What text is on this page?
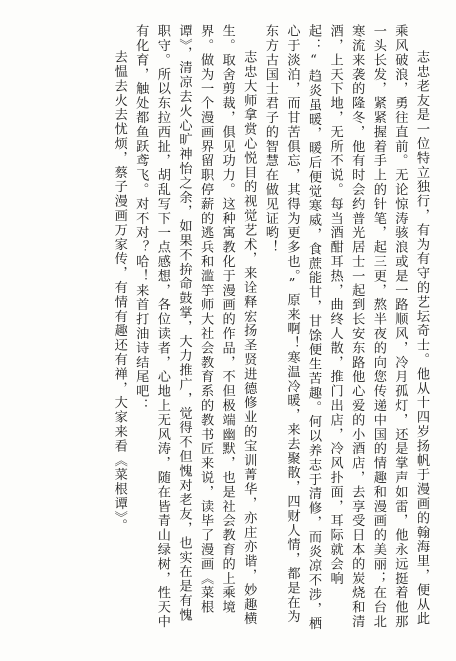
志忠老友是一位特立独行，有为有守的艺坛奇士。他从十四岁扬帆于漫画的翰海里，便从此乘风破浪，勇往直前。无论惊涛骇浪或是一路顺风，冷月孤灯，还是掌声如雷，他永远挺着他那一头长发，紧紧握着手上的针笔，起三更，熬半夜的向您传递中国的情趣和漫画的美丽；在台北寒流来袭的隆冬，他有时会约普光居士一起到长安东路他心爱的小酒店，去享受日本的炭烧和清酒，上天下地，无所不说。每当酒酣耳热，曲终人散，推门出店，冷风扑面，耳际就会响起：“趋炎虽暖，暖后便觉寒威，食蔗能甘，甘馀便生苦趣。何以养志于清修，而炎凉不涉，栖心于淡泊，而甘苦俱忘，其得为更多也。”原来啊！寒温冷暖，来去聚散，四财人情，都是在为东方古国士君子的智慧在做见证哟！

志忠大师拿赏心悦目的视觉艺术，来诠释宏扬圣贤进德修业的宝训菁华，亦庄亦谐，妙趣横生。取舍剪裁，俱见功力。这种寓教化于漫画的作品，不但极端幽默，也是社会教育的上乘境界。做为一个漫画界留职停薪的逃兵和滥竽师大社会教育系的教书匠来说，读毕了漫画《菜根谭》，清凉去火心旷神怡之余，如果不拚命鼓掌，大力推广，觉得不但愧对老友，也实在是有愧职守。所以东拉西扯，胡乱写下一点感想，各位读者，心地上无风涛，随在皆青山绿树，性天中有化育，触处都鱼跃鸢飞。对不对？哈！来首打油诗结尾吧：

去愠去火去忧烦，蔡子漫画万家传，有情有趣还有禅，大家来看《菜根谭》。
